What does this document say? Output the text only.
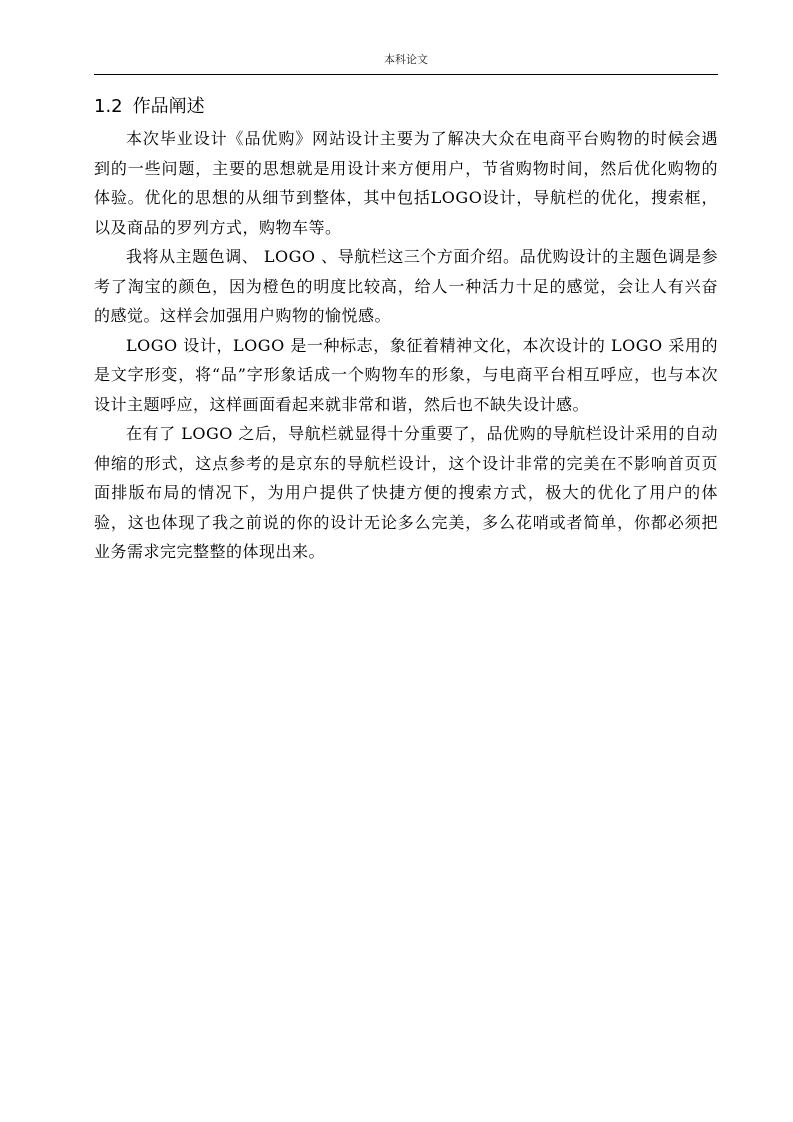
本科论文
1.2 作品阐述

本次毕业设计《品优购》网站设计主要为了解决大众在电商平台购物的时候会遇到的一些问题，主要的思想就是用设计来方便用户，节省购物时间，然后优化购物的体验。优化的思想的从细节到整体，其中包括LOGO设计，导航栏的优化，搜索框，以及商品的罗列方式，购物车等。

我将从主题色调、 LOGO 、导航栏这三个方面介绍。品优购设计的主题色调是参考了淘宝的颜色，因为橙色的明度比较高，给人一种活力十足的感觉，会让人有兴奋的感觉。这样会加强用户购物的愉悦感。

LOGO 设计，LOGO 是一种标志，象征着精神文化，本次设计的 LOGO 采用的是文字形变，将“品”字形象话成一个购物车的形象，与电商平台相互呼应，也与本次设计主题呼应，这样画面看起来就非常和谐，然后也不缺失设计感。

在有了 LOGO 之后，导航栏就显得十分重要了，品优购的导航栏设计采用的自动伸缩的形式，这点参考的是京东的导航栏设计，这个设计非常的完美在不影响首页页面排版布局的情况下，为用户提供了快捷方便的搜索方式，极大的优化了用户的体验，这也体现了我之前说的你的设计无论多么完美，多么花哨或者简单，你都必须把业务需求完完整整的体现出来。
